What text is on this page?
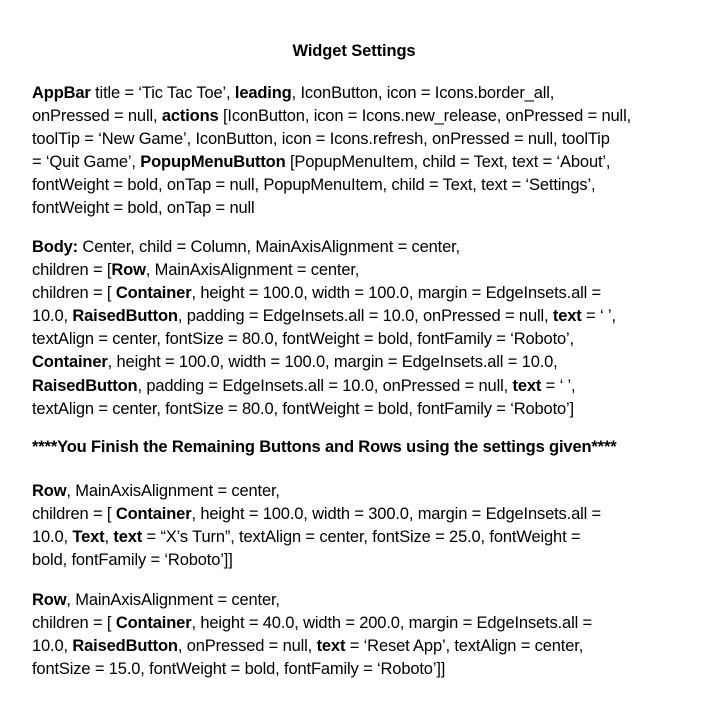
Widget Settings
AppBar title = ‘Tic Tac Toe’, leading, IconButton, icon = Icons.border_all,
onPressed = null, actions [IconButton, icon = Icons.new_release, onPressed = null,
toolTip = ‘New Game’, IconButton, icon = Icons.refresh, onPressed = null, toolTip
= ‘Quit Game’, PopupMenuButton [PopupMenuItem, child = Text, text = ‘About’,
fontWeight = bold, onTap = null, PopupMenuItem, child = Text, text = ‘Settings’,
fontWeight = bold, onTap = null
Body: Center, child = Column, MainAxisAlignment = center,
children = [Row, MainAxisAlignment = center,
children = [ Container, height = 100.0, width = 100.0, margin = EdgeInsets.all =
10.0, RaisedButton, padding = EdgeInsets.all = 10.0, onPressed = null, text = ‘ ’,
textAlign = center, fontSize = 80.0, fontWeight = bold, fontFamily = ‘Roboto’,
Container, height = 100.0, width = 100.0, margin = EdgeInsets.all = 10.0,
RaisedButton, padding = EdgeInsets.all = 10.0, onPressed = null, text = ‘ ’,
textAlign = center, fontSize = 80.0, fontWeight = bold, fontFamily = ‘Roboto’]
****You Finish the Remaining Buttons and Rows using the settings given****
Row, MainAxisAlignment = center,
children = [ Container, height = 100.0, width = 300.0, margin = EdgeInsets.all =
10.0, Text, text = “X’s Turn”, textAlign = center, fontSize = 25.0, fontWeight =
bold, fontFamily = ‘Roboto’]]
Row, MainAxisAlignment = center,
children = [ Container, height = 40.0, width = 200.0, margin = EdgeInsets.all =
10.0, RaisedButton, onPressed = null, text = ‘Reset App’, textAlign = center,
fontSize = 15.0, fontWeight = bold, fontFamily = ‘Roboto’]]
